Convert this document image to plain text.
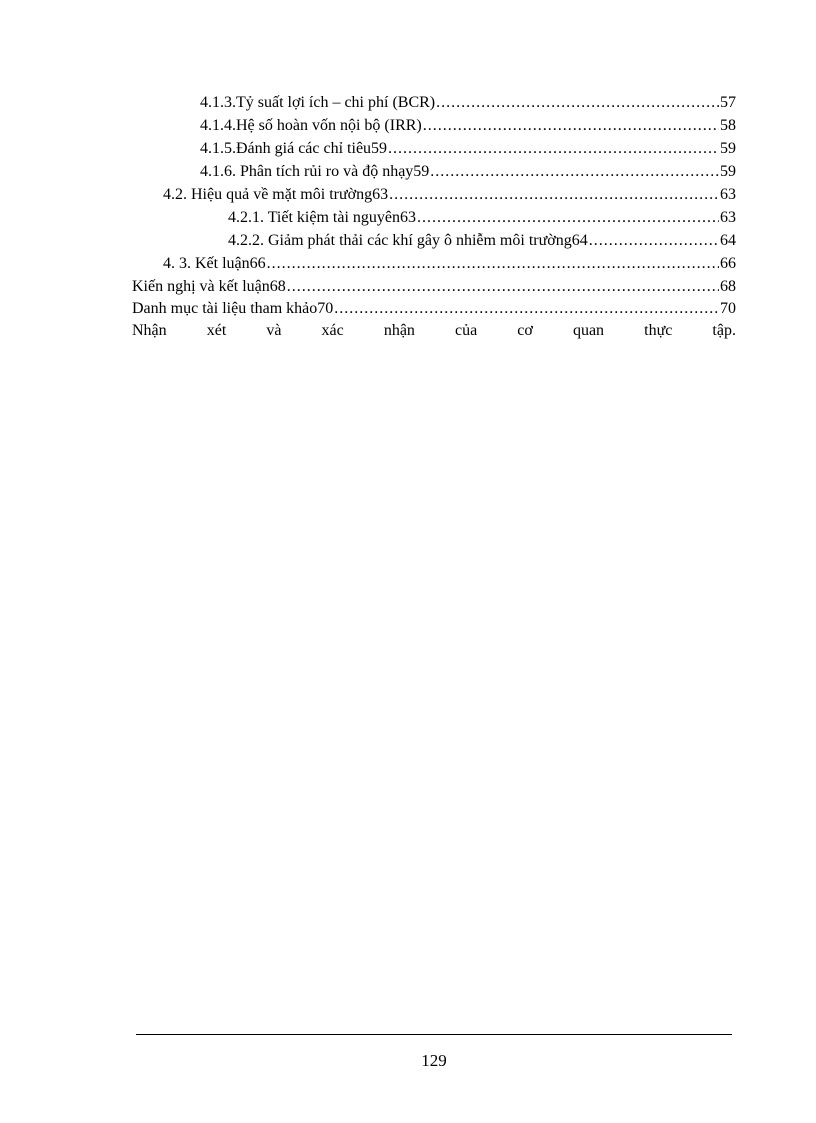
4.1.3.Tỷ suất lợi ích – chi phí (BCR) .....	57
4.1.4.Hệ số hoàn vốn nội bộ (IRR) .....	58
4.1.5.Đánh giá các chỉ tiêu59 .....	59
4.1.6. Phân tích rủi ro và độ nhạy59 .....	59
4.2. Hiệu quả về mặt môi trường63 .....	63
4.2.1. Tiết kiệm tài nguyên63 .....	63
4.2.2. Giảm phát thải các khí gây ô nhiễm môi trường64 .....	64
4. 3. Kết luận66 .....	66
Kiến nghị và kết luận68 .....	68
Danh mục tài liệu tham khảo70 .....	70
Nhận	xét	và	xác	nhận	của	cơ	quan	thực	tập.
129
